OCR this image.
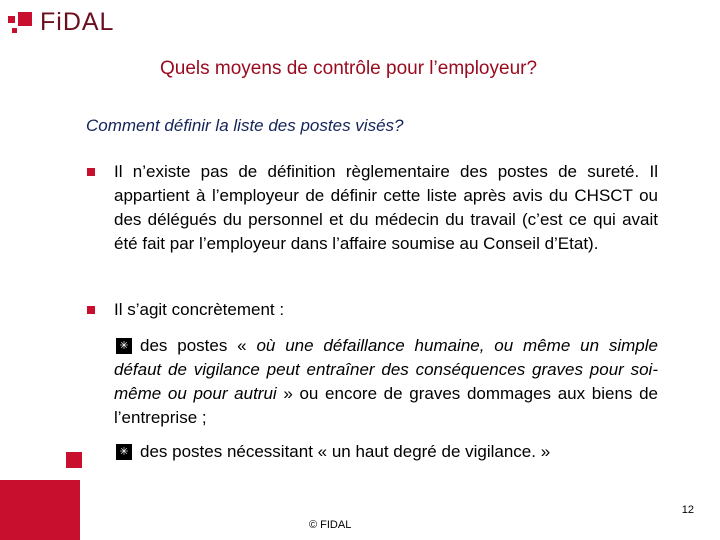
FiDAL
Quels moyens de contrôle pour l’employeur?
Comment définir la liste des postes visés?
Il n’existe pas de définition règlementaire des postes de sureté. Il appartient à l’employeur de définir cette liste après avis du CHSCT ou des délégués du personnel et du médecin du travail (c’est ce qui avait été fait par l’employeur dans l’affaire soumise au Conseil d’Etat).
Il s’agit concrètement :
✳ des postes « où une défaillance humaine, ou même un simple défaut de vigilance peut entraîner des conséquences graves pour soi-même ou pour autrui » ou encore de graves dommages aux biens de l’entreprise ;
✳ des postes nécessitant « un haut degré de vigilance. »
12
© FIDAL
